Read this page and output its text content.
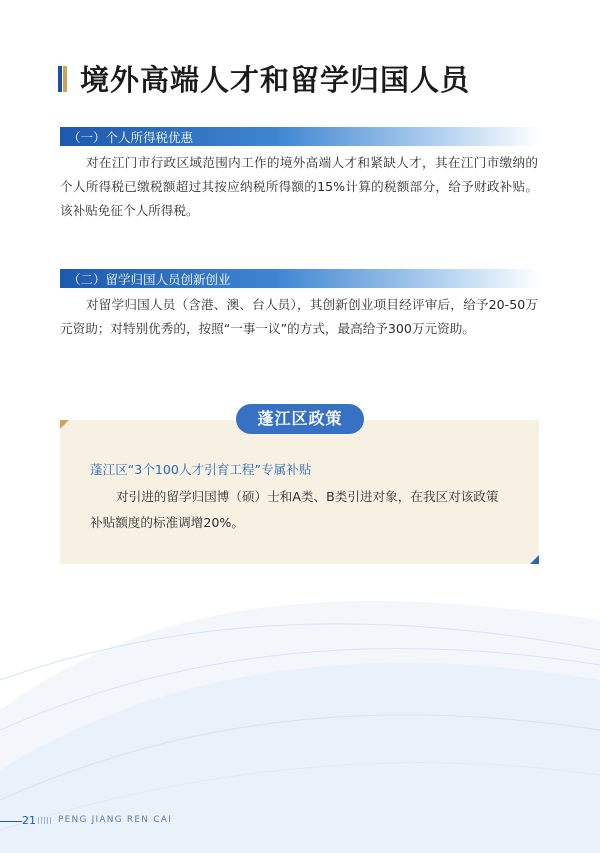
境外高端人才和留学归国人员
（一）个人所得税优惠
对在江门市行政区域范围内工作的境外高端人才和紧缺人才，其在江门市缴纳的个人所得税已缴税额超过其按应纳税所得额的15%计算的税额部分，给予财政补贴。该补贴免征个人所得税。
（二）留学归国人员创新创业
对留学归国人员（含港、澳、台人员），其创新创业项目经评审后，给予20-50万元资助；对特别优秀的，按照“一事一议”的方式，最高给予300万元资助。
蓬江区政策
蓬江区“3个100人才引育工程”专属补贴
对引进的留学归国博（硕）士和A类、B类引进对象，在我区对该政策补贴额度的标准调增20%。
21 PENG JIANG REN CAI
